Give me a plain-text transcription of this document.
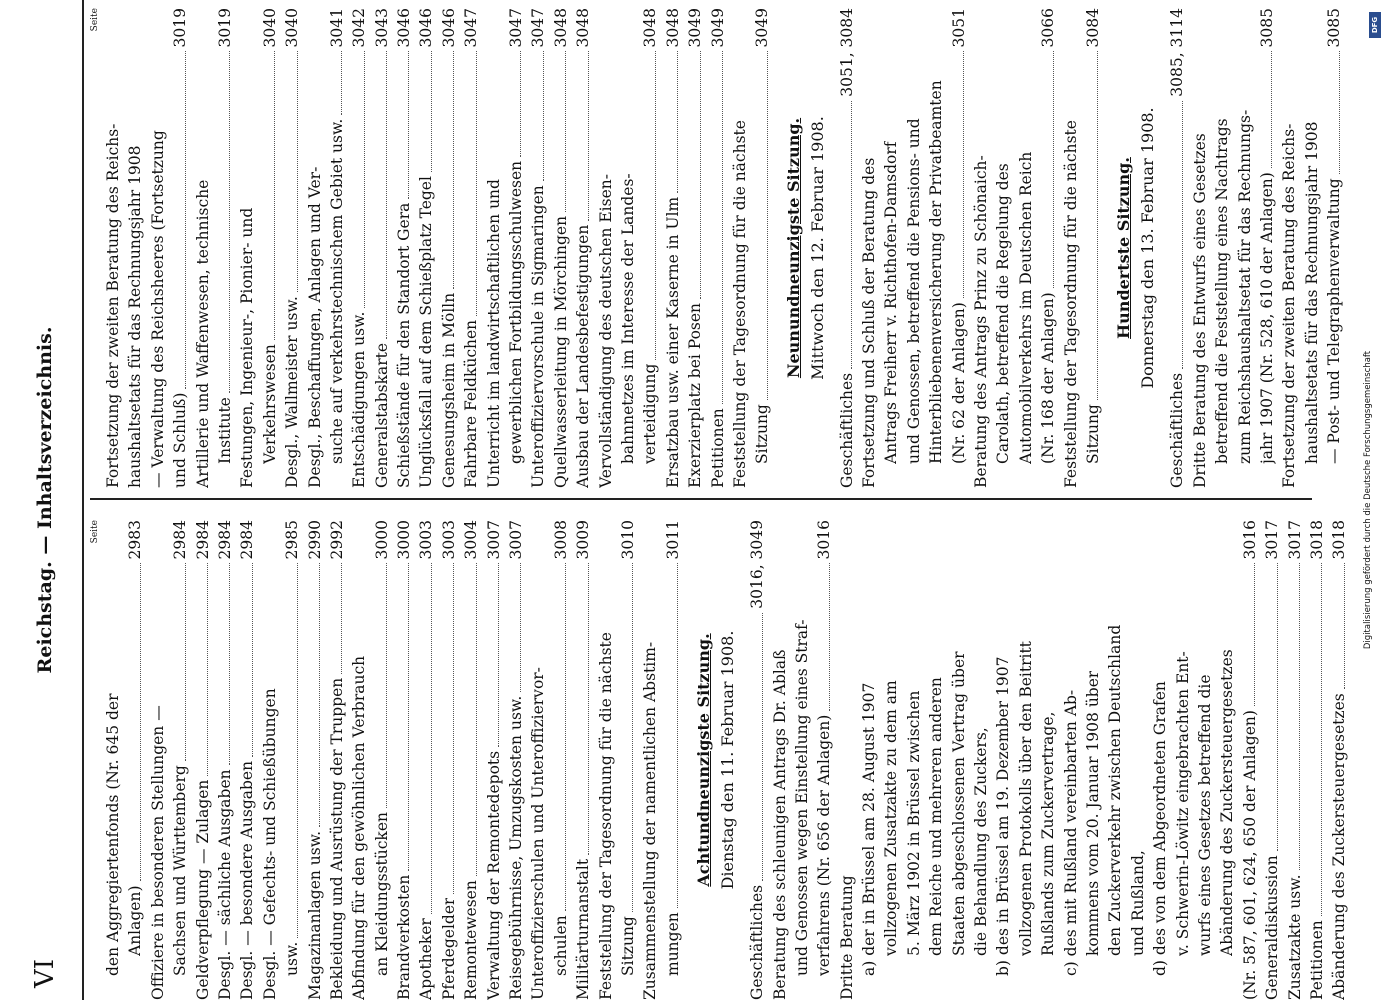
VI
Reichstag. — Inhaltsverzeichnis.	Seite
den Aggregiertenfonds (Nr. 645 der Anlagen)
2983
Offiziere in besonderen Stellungen — Sachsen und Württemberg
2984
Geldverpflegung — Zulagen
2984
Desgl. — sächliche Ausgaben
2984
Desgl. — besondere Ausgaben
2984
Desgl. — Gefechts- und Schießübungen usw.
2985
Magazinanlagen usw.
2990
Bekleidung und Ausrüstung der Truppen
2992
Abfindung für den gewöhnlichen Verbrauch an Kleidungsstücken
3000
Brandverkosten
3000
Apotheker
3003
Pferdegelder
3003
Remontewesen
3004
Verwaltung der Remontedepots
3007
Reisegebührnisse, Umzugskosten usw.
3007
Unteroffizierschulen und Unteroffiziervor- schulen
3008
Militärturnanstalt
3009
Feststellung der Tagesordnung für die nächste Sitzung
3010
Zusammenstellung der namentlichen Abstim- mungen
3011
Achtundneunzigste Sitzung. Dienstag den 11. Februar 1908.
Geschäftliches
3016, 3049
Beratung des schleunigen Antrags Dr. Ablaß und Genossen wegen Einstellung eines Straf- verfahrens (Nr. 656 der Anlagen)
3016
Dritte Beratung a) der in Brüssel am 28. August 1907 vollzogenen Zusatzakte zu dem am 5. März 1902 in Brüssel zwischen dem Reiche und mehreren anderen Staaten abgeschlossenen Vertrag über die Behandlung des Zuckers, b) des in Brüssel am 19. Dezember 1907 vollzogenen Protokolls über den Beitritt Rußlands zum Zuckervertrage, c) des mit Rußland vereinbarten Ab- kommens vom 20. Januar 1908 über den Zuckerverkehr zwischen Deutschland und Rußland, d) des von dem Abgeordneten Grafen v. Schwerin-Löwitz eingebrachten Ent- wurfs eines Gesetzes betreffend die Abänderung des Zuckersteuergesetzes (Nr. 587, 601, 624, 650 der Anlagen)
3016
Generaldiskussion
3017
Zusatzakte usw.
3017
Petitionen
3018
Abänderung des Zuckersteuergesetzes
3018
Seite
Fortsetzung der zweiten Beratung des Reichs- haushaltsetats für das Rechnungsjahr 1908 — Verwaltung des Reichsheeres (Fortsetzung und Schluß)
3019
Artillerie und Waffenwesen, technische Institute
3019
Festungen, Ingenieur-, Pionier- und Verkehrswesen
3040
Desgl., Wallmeister usw.
3040
Desgl., Beschaffungen, Anlagen und Ver- suche auf verkehrstechnischem Gebiet usw.
3041
Entschädigungen usw.
3042
Generalstabskarte
3043
Schießstände für den Standort Gera
3046
Unglücksfall auf dem Schießplatz Tegel
3046
Genesungsheim in Mölln
3046
Fahrbare Feldküchen
3047
Unterricht im landwirtschaftlichen und gewerblichen Fortbildungsschulwesen
3047
Unteroffiziervorschule in Sigmaringen
3047
Quellwasserleitung in Mörchingen
3048
Ausbau der Landesbefestigungen
3048
Vervollständigung des deutschen Eisen- bahnnetzes im Interesse der Landes- verteidigung
3048
Ersatzbau usw. einer Kaserne in Ulm
3048
Exerzierplatz bei Posen
3049
Petitionen
3049
Feststellung der Tagesordnung für die nächste Sitzung
3049
Neunundneunzigste Sitzung. Mittwoch den 12. Februar 1908.
Geschäftliches
3051, 3084
Fortsetzung und Schluß der Beratung des Antrags Freiherr v. Richthofen-Damsdorf und Genossen, betreffend die Pensions- und Hinterbliebenenversicherung der Privatbeamten (Nr. 62 der Anlagen)
3051
Beratung des Antrags Prinz zu Schönaich- Carolath, betreffend die Regelung des Automobilverkehrs im Deutschen Reich (Nr. 168 der Anlagen)
3066
Feststellung der Tagesordnung für die nächste Sitzung
3084
Hundertste Sitzung. Donnerstag den 13. Februar 1908.
Geschäftliches
3085, 3114
Dritte Beratung des Entwurfs eines Gesetzes betreffend die Feststellung eines Nachtrags zum Reichshaushaltsetat für das Rechnungs- jahr 1907 (Nr. 528, 610 der Anlagen)
3085
Fortsetzung der zweiten Beratung des Reichs- haushaltsetats für das Rechnungsjahr 1908 — Post- und Telegraphenverwaltung
3085
Digitalisierung gefördert durch die Deutsche Forschungsgemeinschaft
DFG
